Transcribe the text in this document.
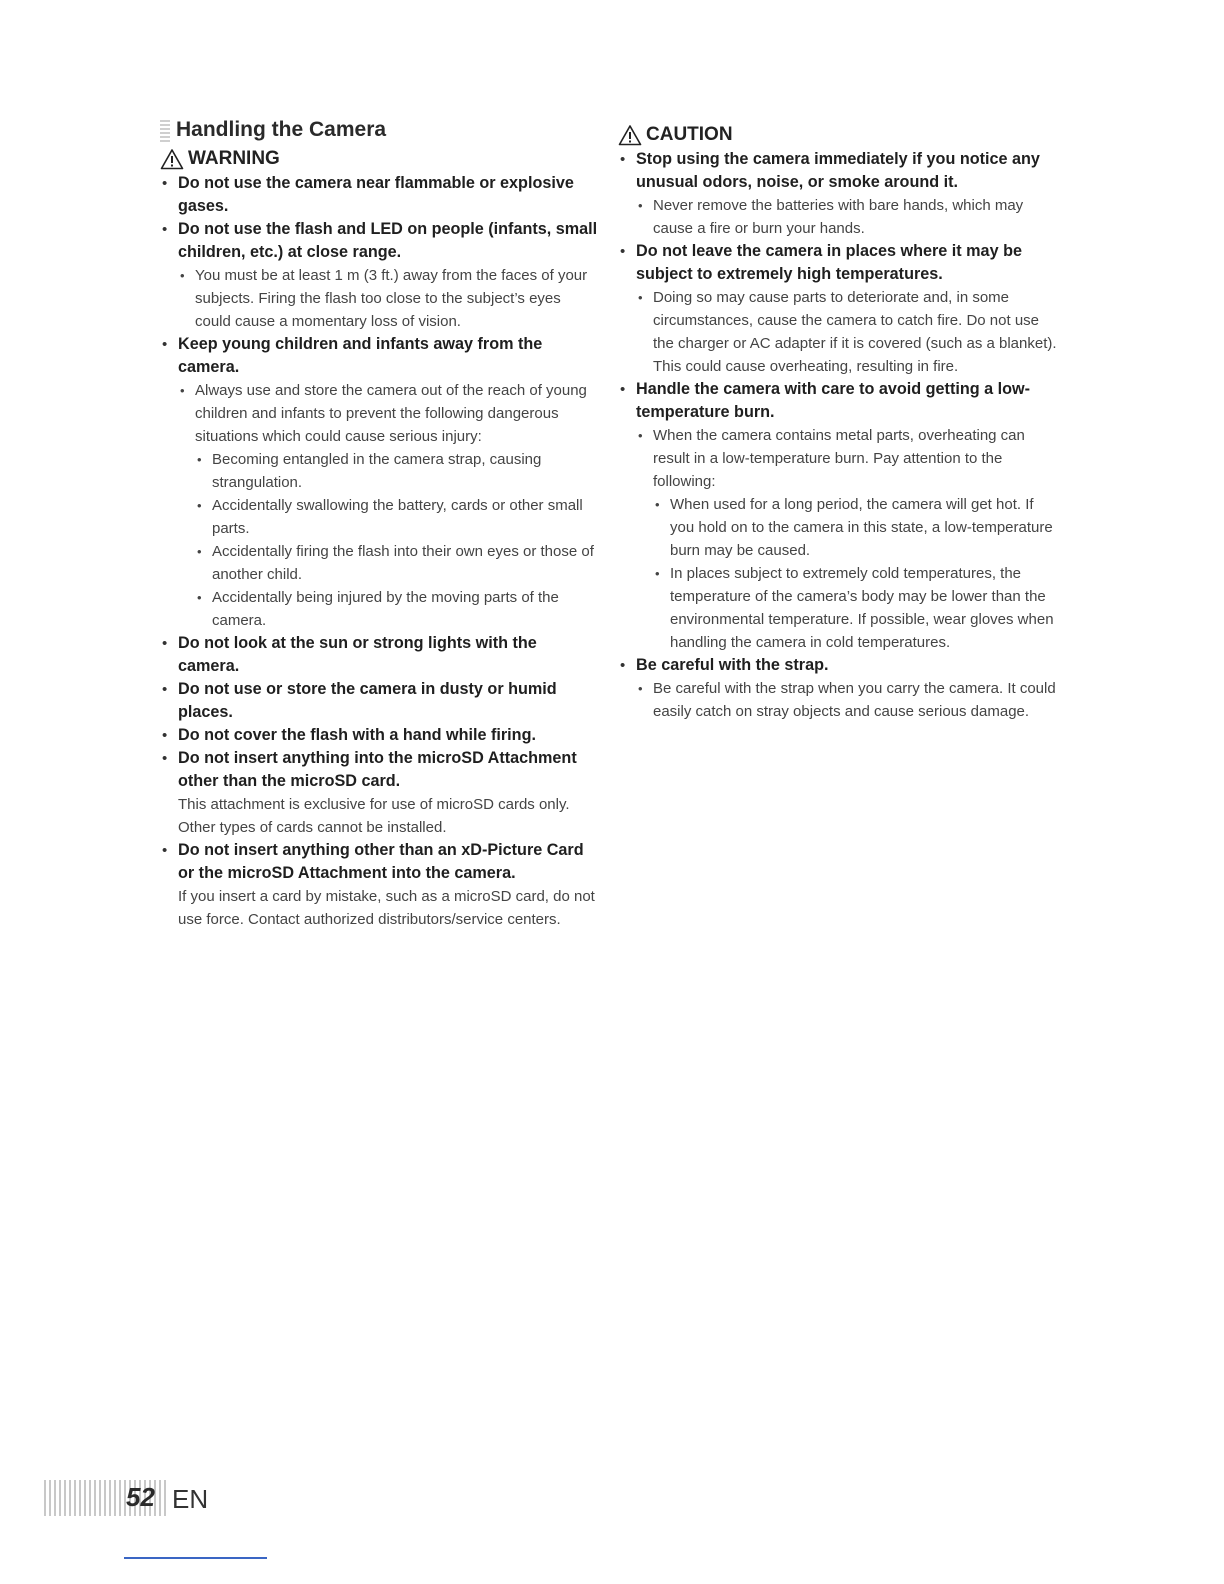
Handling the Camera
WARNING
• Do not use the camera near flammable or explosive gases.
• Do not use the flash and LED on people (infants, small children, etc.) at close range.
• You must be at least 1 m (3 ft.) away from the faces of your subjects. Firing the flash too close to the subject’s eyes could cause a momentary loss of vision.
• Keep young children and infants away from the camera.
• Always use and store the camera out of the reach of young children and infants to prevent the following dangerous situations which could cause serious injury:
• Becoming entangled in the camera strap, causing strangulation.
• Accidentally swallowing the battery, cards or other small parts.
• Accidentally firing the flash into their own eyes or those of another child.
• Accidentally being injured by the moving parts of the camera.
• Do not look at the sun or strong lights with the camera.
• Do not use or store the camera in dusty or humid places.
• Do not cover the flash with a hand while firing.
• Do not insert anything into the microSD Attachment other than the microSD card.
This attachment is exclusive for use of microSD cards only. Other types of cards cannot be installed.
• Do not insert anything other than an xD-Picture Card or the microSD Attachment into the camera.
If you insert a card by mistake, such as a microSD card, do not use force. Contact authorized distributors/service centers.
CAUTION
• Stop using the camera immediately if you notice any unusual odors, noise, or smoke around it.
• Never remove the batteries with bare hands, which may cause a fire or burn your hands.
• Do not leave the camera in places where it may be subject to extremely high temperatures.
• Doing so may cause parts to deteriorate and, in some circumstances, cause the camera to catch fire. Do not use the charger or AC adapter if it is covered (such as a blanket). This could cause overheating, resulting in fire.
• Handle the camera with care to avoid getting a low-temperature burn.
• When the camera contains metal parts, overheating can result in a low-temperature burn. Pay attention to the following:
• When used for a long period, the camera will get hot. If you hold on to the camera in this state, a low-temperature burn may be caused.
• In places subject to extremely cold temperatures, the temperature of the camera’s body may be lower than the environmental temperature. If possible, wear gloves when handling the camera in cold temperatures.
• Be careful with the strap.
• Be careful with the strap when you carry the camera. It could easily catch on stray objects and cause serious damage.
52 EN
